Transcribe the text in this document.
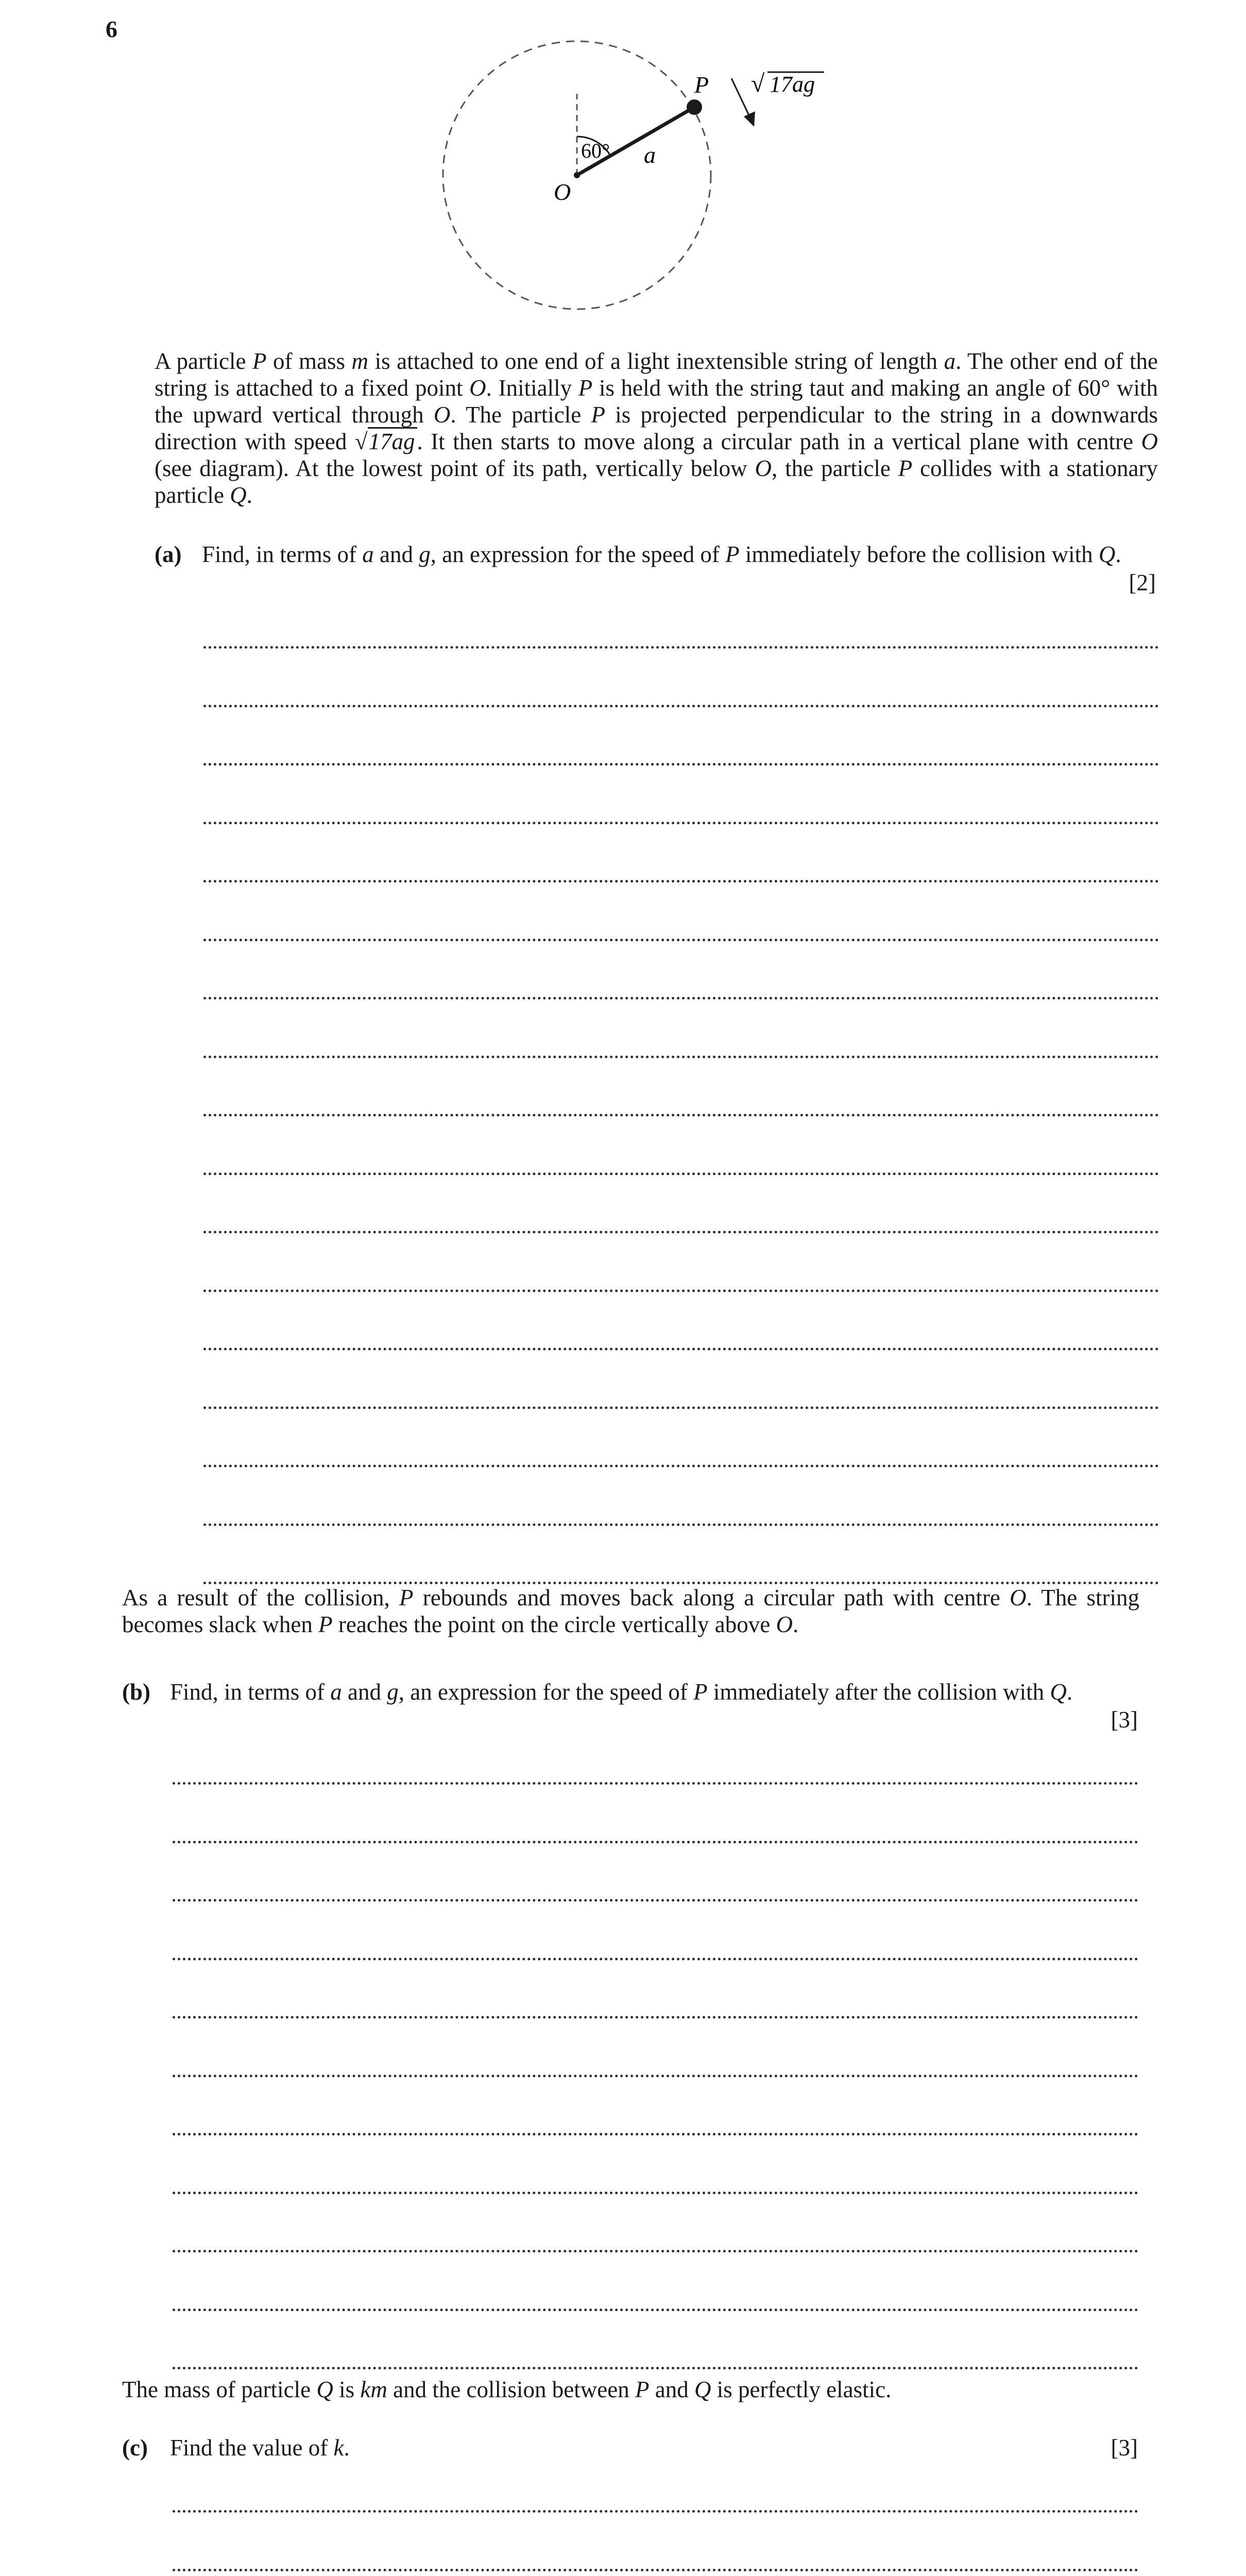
6
P
O
a
60°
√ 17ag
A particle P of mass m is attached to one end of a light inextensible string of length a. The other end of the string is attached to a fixed point O. Initially P is held with the string taut and making an angle of 60° with the upward vertical through O. The particle P is projected perpendicular to the string in a downwards direction with speed √17ag. It then starts to move along a circular path in a vertical plane with centre O (see diagram). At the lowest point of its path, vertically below O, the particle P collides with a stationary particle Q.
(a) Find, in terms of a and g, an expression for the speed of P immediately before the collision with Q.
[2]
As a result of the collision, P rebounds and moves back along a circular path with centre O. The string becomes slack when P reaches the point on the circle vertically above O.
(b) Find, in terms of a and g, an expression for the speed of P immediately after the collision with Q.
[3]
The mass of particle Q is km and the collision between P and Q is perfectly elastic.
(c) Find the value of k.	[3]
